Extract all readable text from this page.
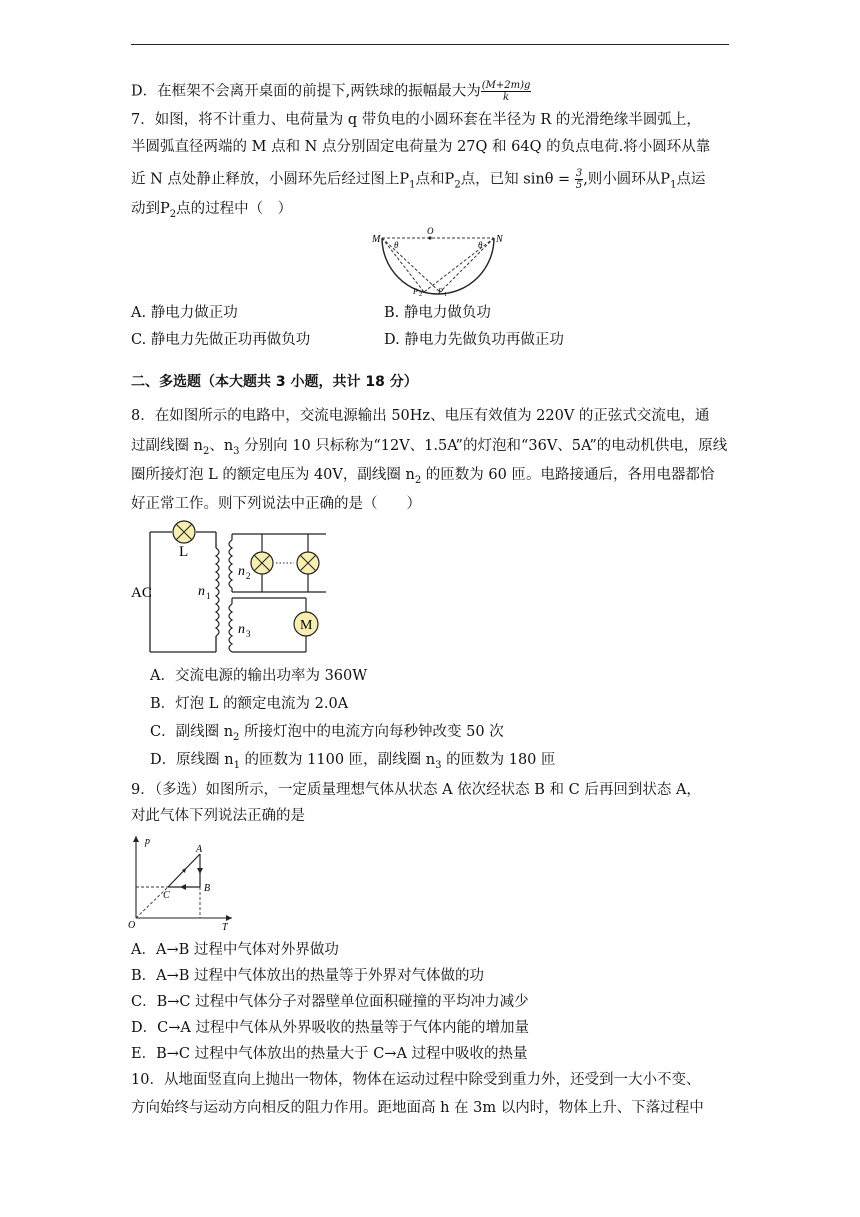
D．在框架不会离开桌面的前提下,两铁球的振幅最大为 $\frac{(M+2m)g}{k}$
7．如图，将不计重力、电荷量为 q 带负电的小圆环套在半径为 R 的光滑绝缘半圆弧上，
半圆弧直径两端的 M 点和 N 点分别固定电荷量为 27Q 和 64Q 的负点电荷.将小圆环从靠
近 N 点处静止释放，小圆环先后经过图上$P_1$点和$P_2$点，已知 $\sin\theta = \frac{3}{5}$ ,则小圆环从$P_1$点运
动到$P_2$点的过程中（　）
M	N
O
θ	θ
P 2 P 1
A. 静电力做正功	B. 静电力做负功
C. 静电力先做正功再做负功	D. 静电力先做负功再做正功
二、多选题（本大题共 3 小题，共计 18 分）
8．在如图所示的电路中，交流电源输出 50Hz、电压有效值为 220V 的正弦式交流电，通
过副线圈 $n_2$、$n_3$ 分别向 10 只标称为“12V、1.5A”的灯泡和“36V、5A”的电动机供电，原线
圈所接灯泡 L 的额定电压为 40V，副线圈 $n_2$ 的匝数为 60 匝。电路接通后，各用电器都恰
好正常工作。则下列说法中正确的是（　　）
L
AC	n 1
n 2
M
n 3
A．交流电源的输出功率为 360W
B．灯泡 L 的额定电流为 2.0A
C．副线圈 $n_2$ 所接灯泡中的电流方向每秒钟改变 50 次
D．原线圈 $n_1$ 的匝数为 1100 匝，副线圈 $n_3$ 的匝数为 180 匝
9．（多选）如图所示，一定质量理想气体从状态 A 依次经状态 B 和 C 后再回到状态 A，
对此气体下列说法正确的是
p
T
O
A
B
C
A．A→B 过程中气体对外界做功
B．A→B 过程中气体放出的热量等于外界对气体做的功
C．B→C 过程中气体分子对器壁单位面积碰撞的平均冲力减少
D．C→A 过程中气体从外界吸收的热量等于气体内能的增加量
E．B→C 过程中气体放出的热量大于 C→A 过程中吸收的热量
10．从地面竖直向上抛出一物体，物体在运动过程中除受到重力外，还受到一大小不变、
方向始终与运动方向相反的阻力作用。距地面高 h 在 3m 以内时，物体上升、下落过程中
